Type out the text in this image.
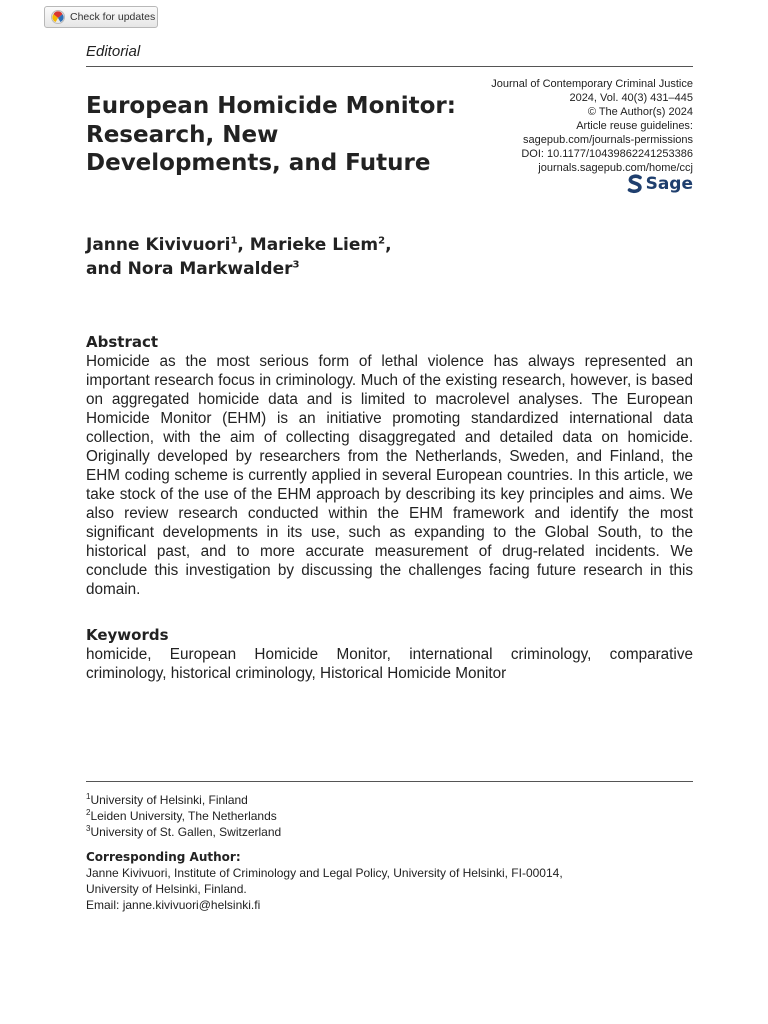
Check for updates
Editorial
European Homicide Monitor: Research, New Developments, and Future
Journal of Contemporary Criminal Justice
2024, Vol. 40(3) 431–445
© The Author(s) 2024
Article reuse guidelines:
sagepub.com/journals-permissions
DOI: 10.1177/10439862241253386
journals.sagepub.com/home/ccj
Sage
Janne Kivivuori$^1$, Marieke Liem$^2$,
and Nora Markwalder$^3$
Abstract

Homicide as the most serious form of lethal violence has always represented an important research focus in criminology. Much of the existing research, however, is based on aggregated homicide data and is limited to macrolevel analyses. The European Homicide Monitor (EHM) is an initiative promoting standardized international data collection, with the aim of collecting disaggregated and detailed data on homicide. Originally developed by researchers from the Netherlands, Sweden, and Finland, the EHM coding scheme is currently applied in several European countries. In this article, we take stock of the use of the EHM approach by describing its key principles and aims. We also review research conducted within the EHM framework and identify the most significant developments in its use, such as expanding to the Global South, to the historical past, and to more accurate measurement of drug-related incidents. We conclude this investigation by discussing the challenges facing future research in this domain.

Keywords

homicide, European Homicide Monitor, international criminology, comparative criminology, historical criminology, Historical Homicide Monitor

$^1$University of Helsinki, Finland
$^2$Leiden University, The Netherlands
$^3$University of St. Gallen, Switzerland
Corresponding Author:
Janne Kivivuori, Institute of Criminology and Legal Policy, University of Helsinki, FI-00014,
University of Helsinki, Finland.
Email: janne.kivivuori@helsinki.fi
